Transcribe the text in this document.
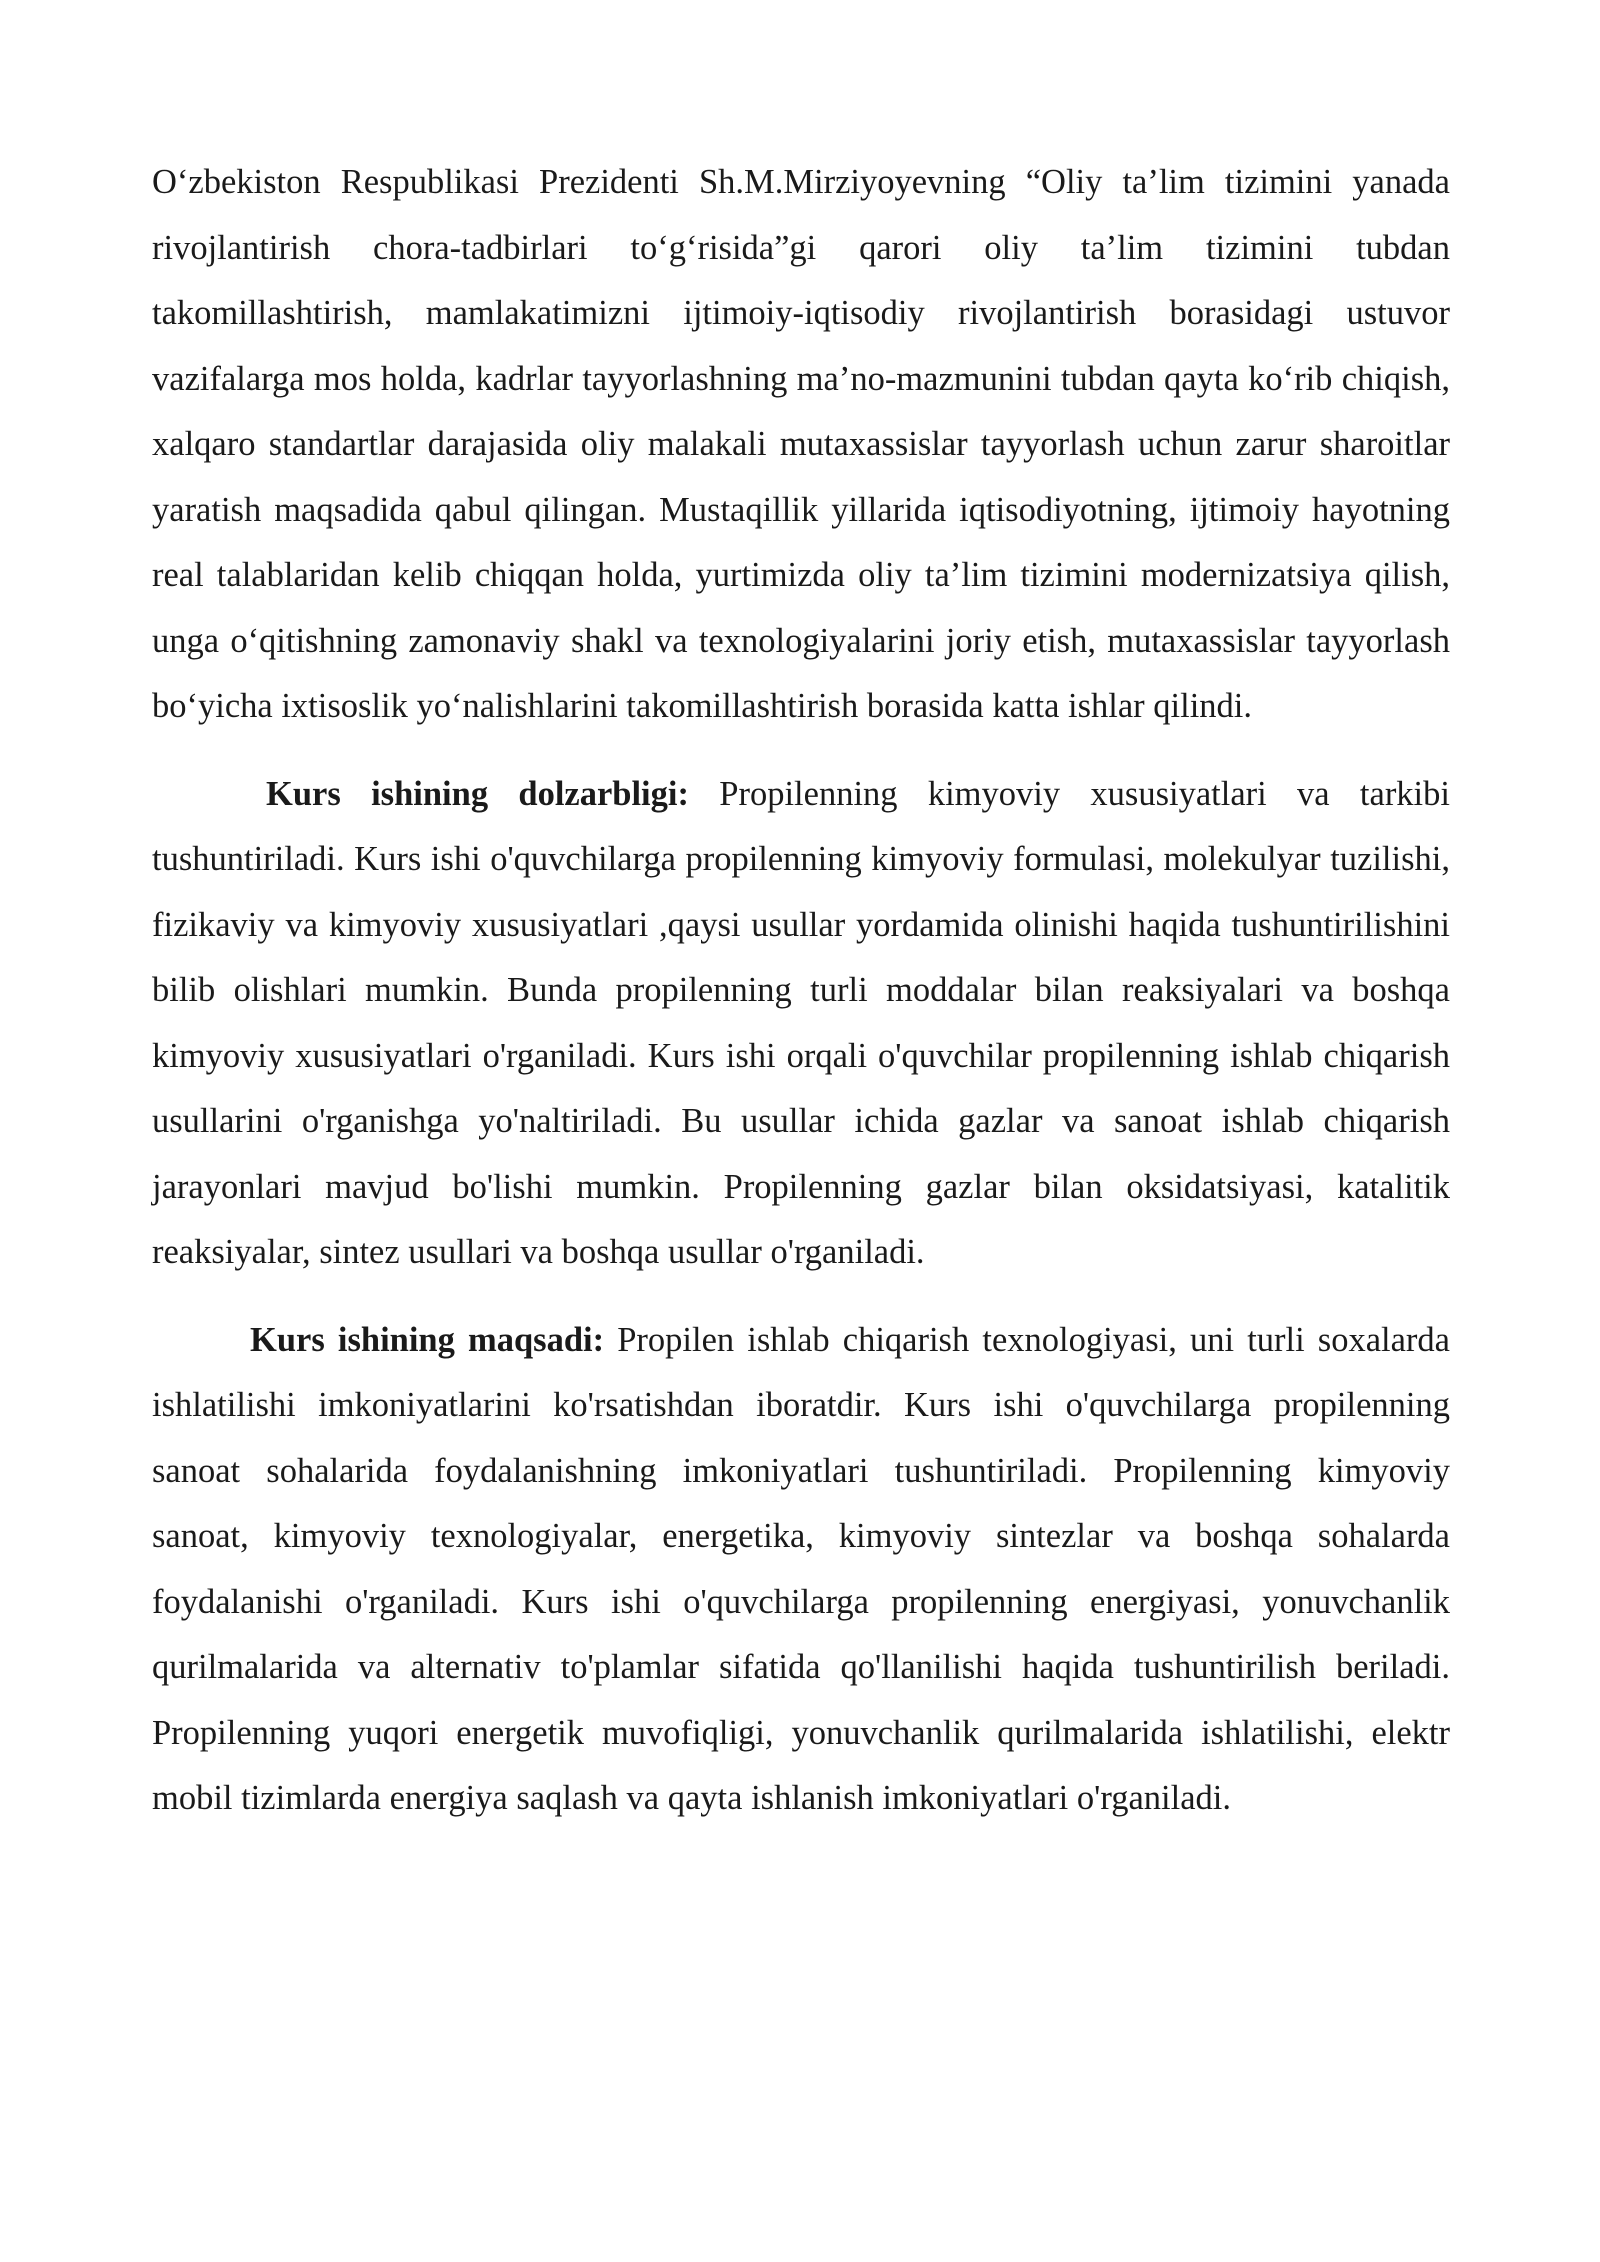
O‘zbekiston Respublikasi Prezidenti Sh.M.Mirziyoyevning “Oliy ta’lim tizimini yanada rivojlantirish chora-tadbirlari to‘g‘risida”gi qarori oliy ta’lim tizimini tubdan takomillashtirish, mamlakatimizni ijtimoiy-iqtisodiy rivojlantirish borasidagi ustuvor vazifalarga mos holda, kadrlar tayyorlashning ma’no-mazmunini tubdan qayta ko‘rib chiqish, xalqaro standartlar darajasida oliy malakali mutaxassislar tayyorlash uchun zarur sharoitlar yaratish maqsadida qabul qilingan. Mustaqillik yillarida iqtisodiyotning, ijtimoiy hayotning real talablaridan kelib chiqqan holda, yurtimizda oliy ta’lim tizimini modernizatsiya qilish, unga o‘qitishning zamonaviy shakl va texnologiyalarini joriy etish, mutaxassislar tayyorlash bo‘yicha ixtisoslik yo‘nalishlarini takomillashtirish borasida katta ishlar qilindi.

Kurs ishining dolzarbligi: Propilenning kimyoviy xususiyatlari va tarkibi tushuntiriladi. Kurs ishi o'quvchilarga propilenning kimyoviy formulasi, molekulyar tuzilishi, fizikaviy va kimyoviy xususiyatlari ,qaysi usullar yordamida olinishi haqida tushuntirilishini bilib olishlari mumkin. Bunda propilenning turli moddalar bilan reaksiyalari va boshqa kimyoviy xususiyatlari o'rganiladi. Kurs ishi orqali o'quvchilar propilenning ishlab chiqarish usullarini o'rganishga yo'naltiriladi. Bu usullar ichida gazlar va sanoat ishlab chiqarish jarayonlari mavjud bo'lishi mumkin. Propilenning gazlar bilan oksidatsiyasi, katalitik reaksiyalar, sintez usullari va boshqa usullar o'rganiladi.

Kurs ishining maqsadi: Propilen ishlab chiqarish texnologiyasi, uni turli soxalarda ishlatilishi imkoniyatlarini ko'rsatishdan iboratdir. Kurs ishi o'quvchilarga propilenning sanoat sohalarida foydalanishning imkoniyatlari tushuntiriladi. Propilenning kimyoviy sanoat, kimyoviy texnologiyalar, energetika, kimyoviy sintezlar va boshqa sohalarda foydalanishi o'rganiladi. Kurs ishi o'quvchilarga propilenning energiyasi, yonuvchanlik qurilmalarida va alternativ to'plamlar sifatida qo'llanilishi haqida tushuntirilish beriladi. Propilenning yuqori energetik muvofiqligi, yonuvchanlik qurilmalarida ishlatilishi, elektr mobil tizimlarda energiya saqlash va qayta ishlanish imkoniyatlari o'rganiladi.
